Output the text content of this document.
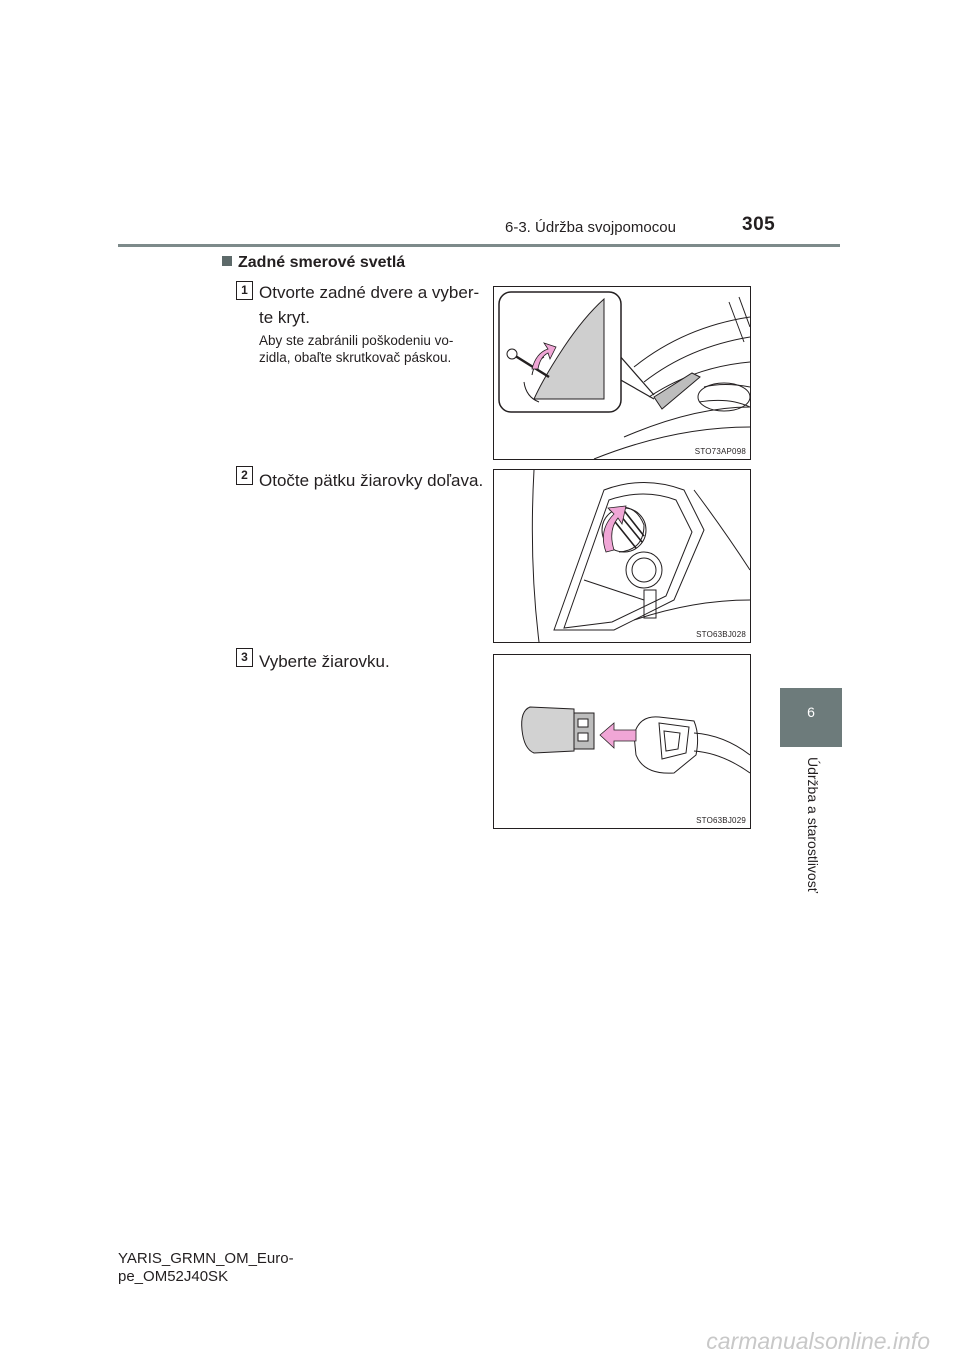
6-3. Údržba svojpomocou	305
6
Údržba a starostlivosť
Zadné smerové svetlá
1 Otvorte zadné dvere a vyber-
te kryt.
Aby ste zabránili poškodeniu vo-
zidla, obaľte skrutkovač páskou.
STO73AP098
2 Otočte pätku žiarovky doľava.
STO63BJ028
3 Vyberte žiarovku.
STO63BJ029
YARIS_GRMN_OM_Euro-
pe_OM52J40SK
carmanualsonline.info
